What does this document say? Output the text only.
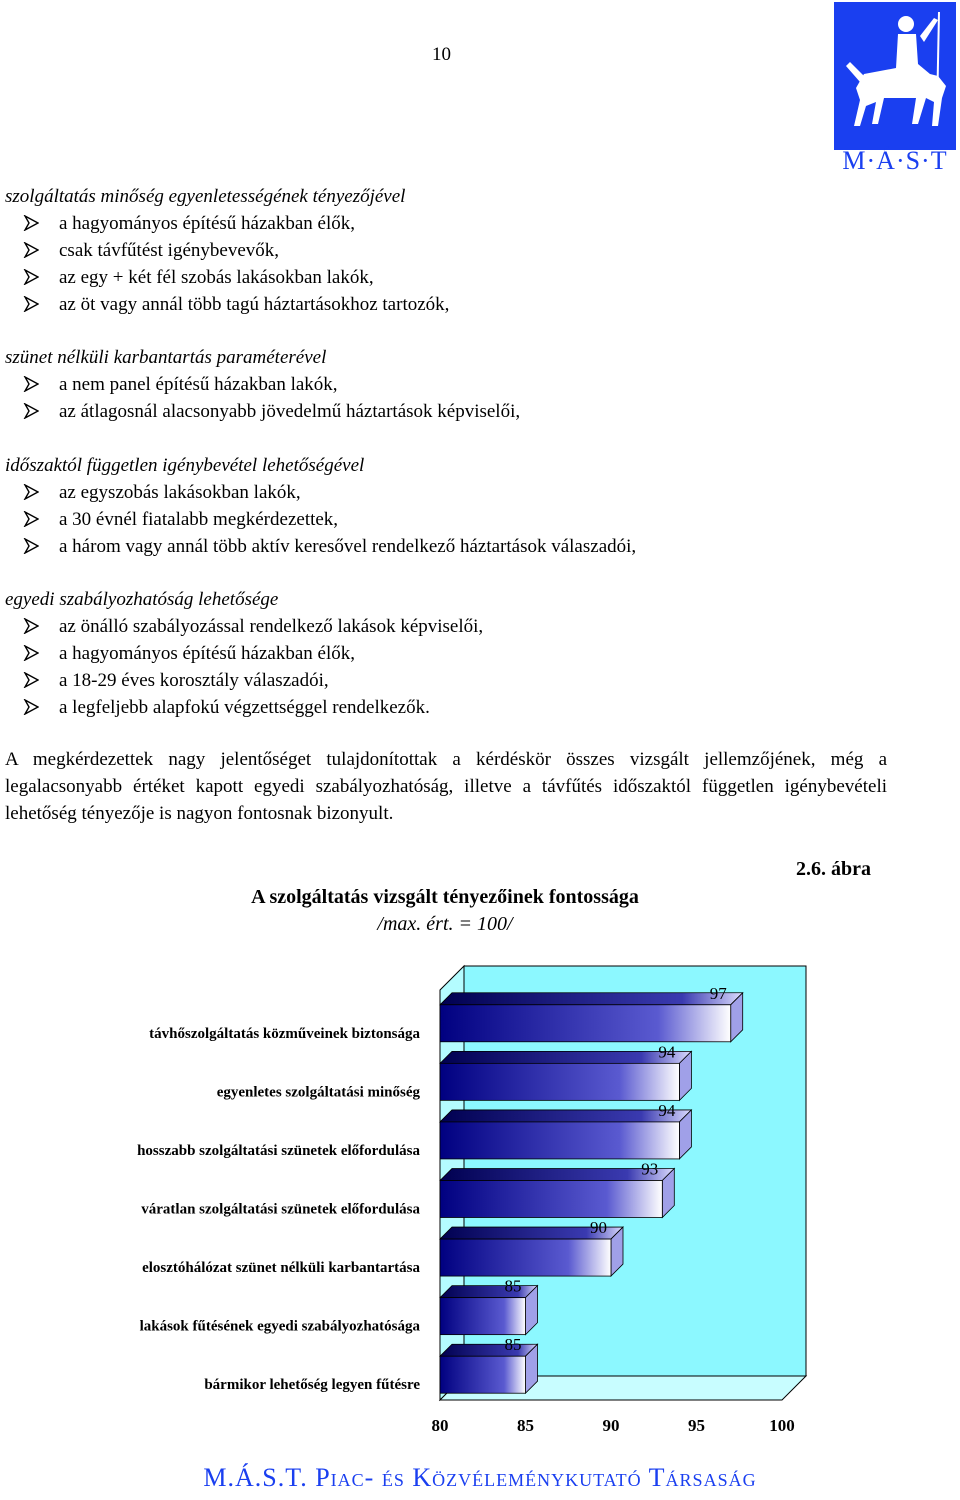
10
M·Á·S·T
szolgáltatás minőség egyenletességének tényezőjével
a hagyományos építésű házakban élők,
csak távfűtést igénybevevők,
az egy + két fél szobás lakásokban lakók,
az öt vagy annál több tagú háztartásokhoz tartozók,
szünet nélküli karbantartás paraméterével
a nem panel építésű házakban lakók,
az átlagosnál alacsonyabb jövedelmű háztartások képviselői,
időszaktól független igénybevétel lehetőségével
az egyszobás lakásokban lakók,
a 30 évnél fiatalabb megkérdezettek,
a három vagy annál több aktív keresővel rendelkező háztartások válaszadói,
egyedi szabályozhatóság lehetősége
az önálló szabályozással rendelkező lakások képviselői,
a hagyományos építésű házakban élők,
a 18-29 éves korosztály válaszadói,
a legfeljebb alapfokú végzettséggel rendelkezők.
A megkérdezettek nagy jelentőséget tulajdonítottak a kérdéskör összes vizsgált jellemzőjének, még a legalacsonyabb értéket kapott egyedi szabályozhatóság, illetve a távfűtés időszaktól független igénybevételi lehetőség tényezője is nagyon fontosnak bizonyult.
2.6. ábra
A szolgáltatás vizsgált tényezőinek fontossága
/max. ért. = 100/
97
távhőszolgáltatás közműveinek biztonsága
94
egyenletes szolgáltatási minőség
94
hosszabb szolgáltatási szünetek előfordulása
93
váratlan szolgáltatási szünetek előfordulása
90
elosztóhálózat szünet nélküli karbantartása
85
lakások fűtésének egyedi szabályozhatósága
85
bármikor lehetőség legyen fűtésre
80	85	90	95	100
M.Á.S.T. Piac- és Közvéleménykutató Társaság
